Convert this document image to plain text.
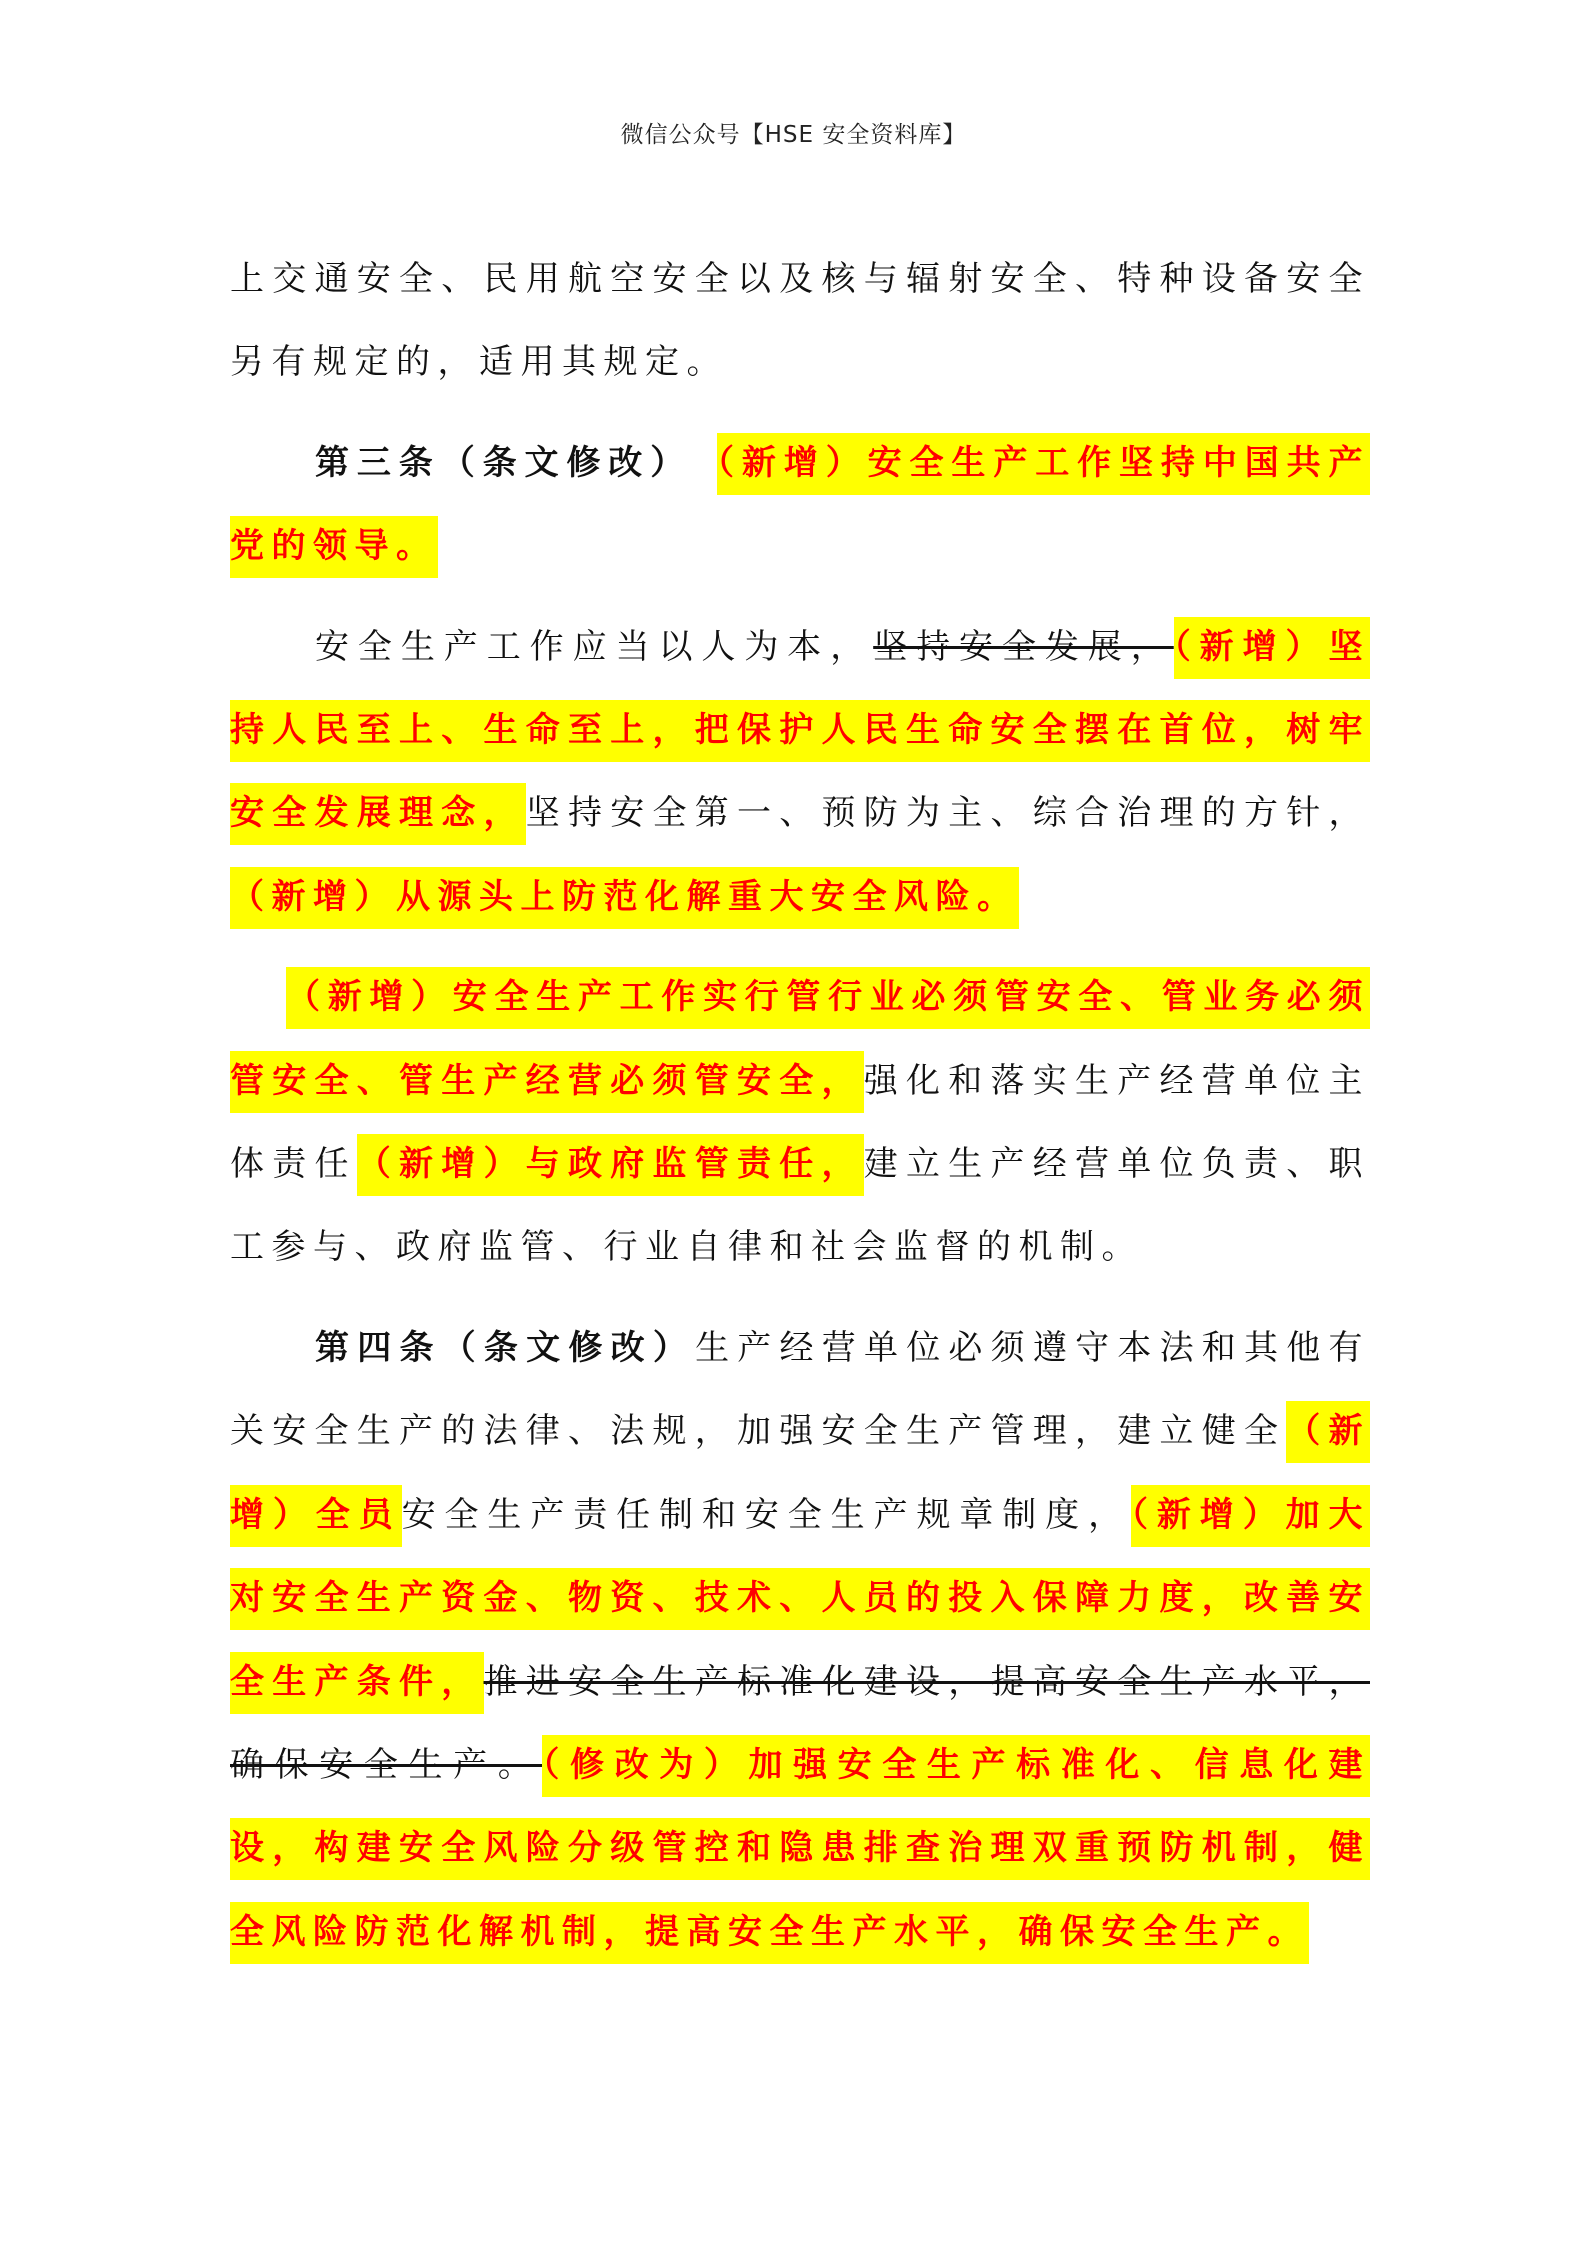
微信公众号【HSE 安全资料库】

上交通安全、民用航空安全以及核与辐射安全、特种设备安全另有规定的，适用其规定。

第三条（条文修改）　 （新增）安全生产工作坚持中国共产党的领导。

安全生产工作应当以人为本，坚持安全发展，（新增）坚持人民至上、生命至上，把保护人民生命安全摆在首位，树牢安全发展理念，坚持安全第一、预防为主、综合治理的方针，（新增）从源头上防范化解重大安全风险。

（新增）安全生产工作实行管行业必须管安全、管业务必须管安全、管生产经营必须管安全，强化和落实生产经营单位主体责任（新增）与政府监管责任，建立生产经营单位负责、职工参与、政府监管、行业自律和社会监督的机制。

第四条（条文修改）生产经营单位必须遵守本法和其他有关安全生产的法律、法规，加强安全生产管理，建立健全（新增）全员安全生产责任制和安全生产规章制度，（新增）加大对安全生产资金、物资、技术、人员的投入保障力度，改善安全生产条件，推进安全生产标准化建设，提高安全生产水平，确保安全生产。（修改为）加强安全生产标准化、信息化建设，构建安全风险分级管控和隐患排查治理双重预防机制，健全风险防范化解机制，提高安全生产水平，确保安全生产。
